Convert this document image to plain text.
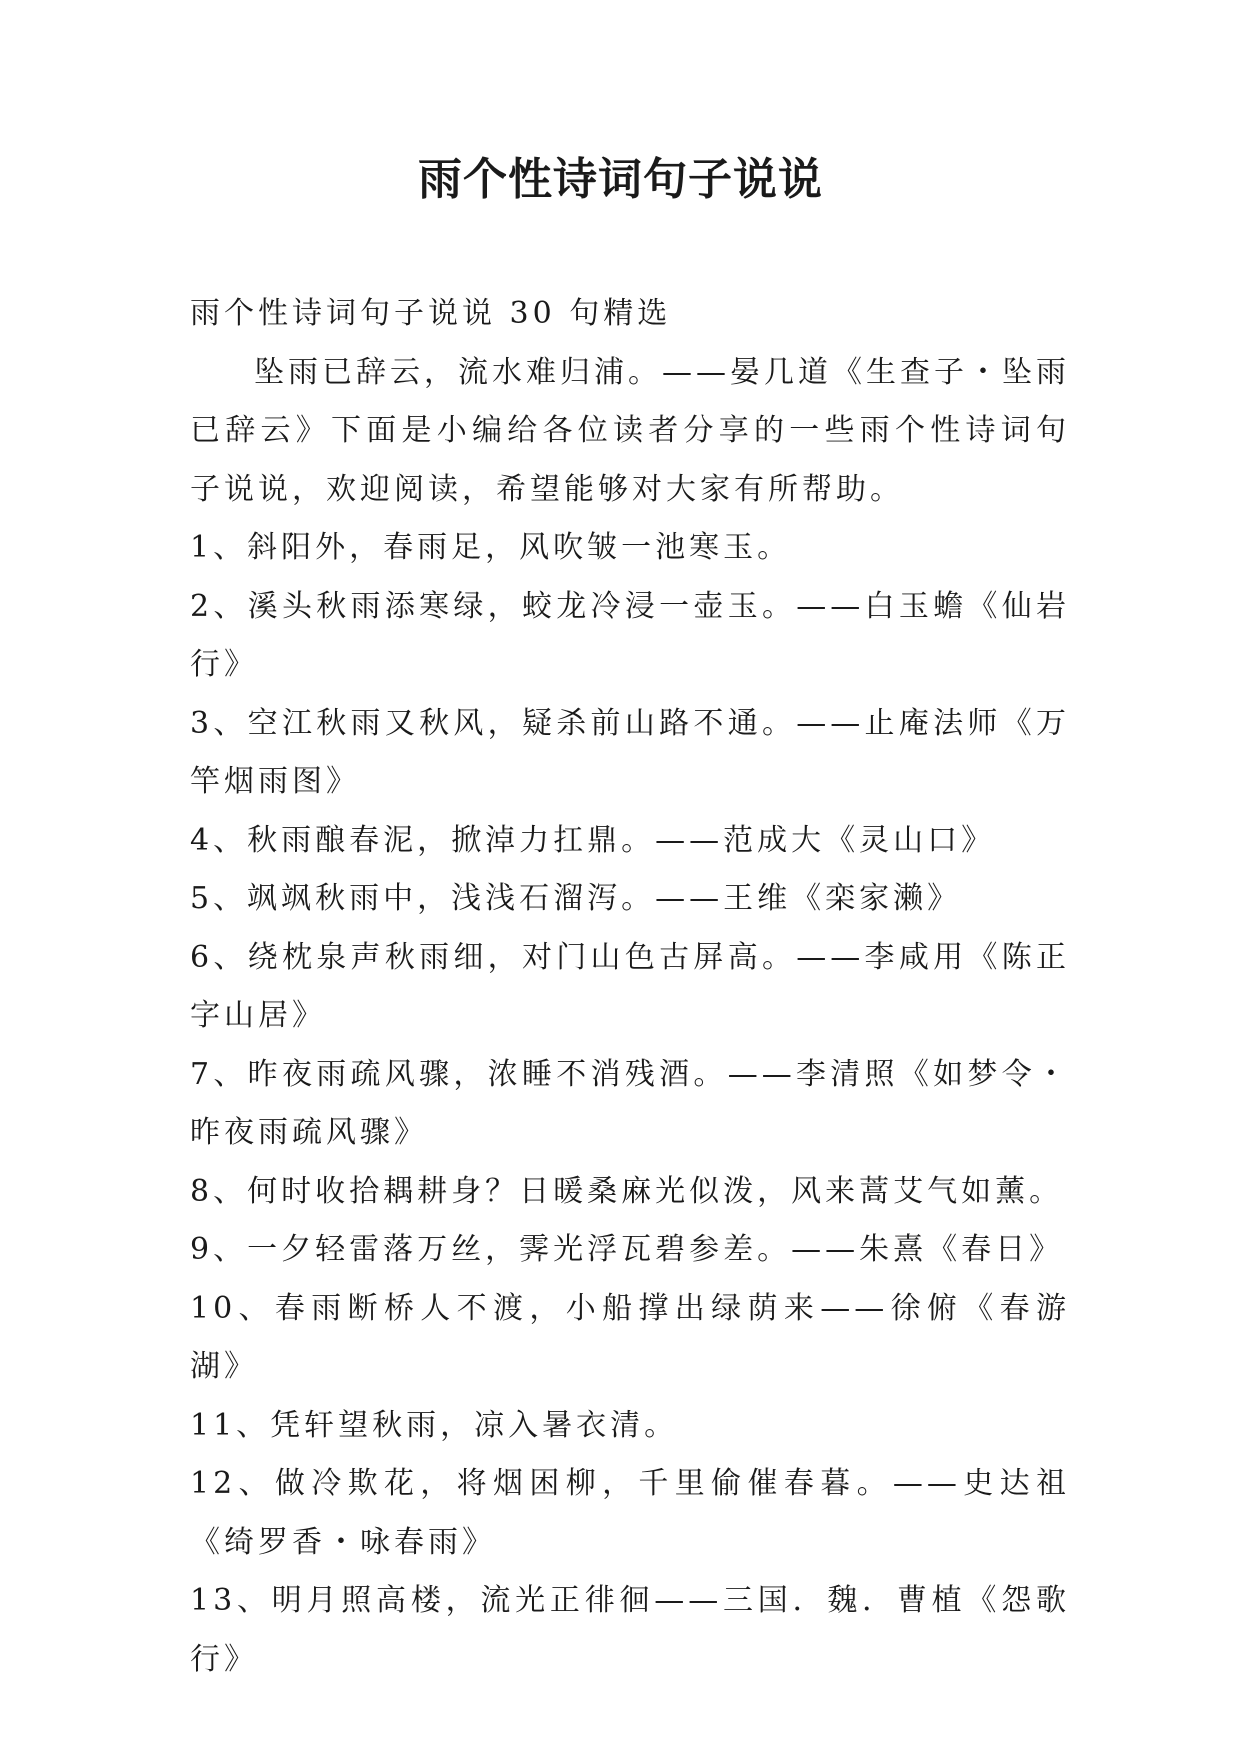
雨个性诗词句子说说

雨个性诗词句子说说 30 句精选

坠雨已辞云，流水难归浦。——晏几道《生查子・坠雨已辞云》下面是小编给各位读者分享的一些雨个性诗词句子说说，欢迎阅读，希望能够对大家有所帮助。

1、斜阳外，春雨足，风吹皱一池寒玉。

2、溪头秋雨添寒绿，蛟龙冷浸一壶玉。——白玉蟾《仙岩行》

3、空江秋雨又秋风，疑杀前山路不通。——止庵法师《万竿烟雨图》

4、秋雨酿春泥，掀淖力扛鼎。——范成大《灵山口》

5、飒飒秋雨中，浅浅石溜泻。——王维《栾家濑》

6、绕枕泉声秋雨细，对门山色古屏高。——李咸用《陈正字山居》

7、昨夜雨疏风骤，浓睡不消残酒。——李清照《如梦令・昨夜雨疏风骤》

8、何时收拾耦耕身？日暖桑麻光似泼，风来蒿艾气如薰。

9、一夕轻雷落万丝，霁光浮瓦碧参差。——朱熹《春日》

10、春雨断桥人不渡，小船撑出绿荫来——徐俯《春游湖》

11、凭轩望秋雨，凉入暑衣清。

12、做冷欺花，将烟困柳，千里偷催春暮。——史达祖《绮罗香・咏春雨》

13、明月照高楼，流光正徘徊——三国．魏．曹植《怨歌行》
